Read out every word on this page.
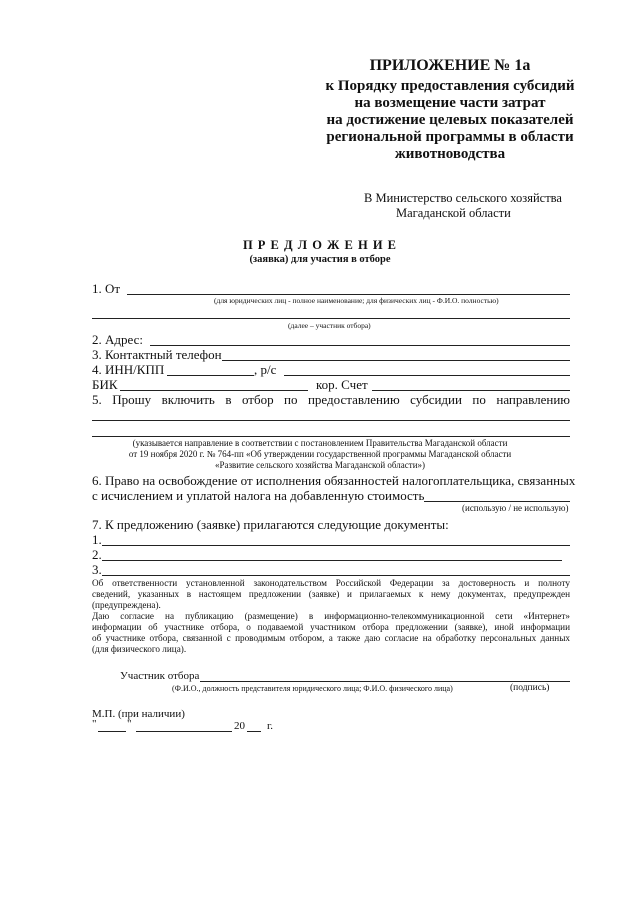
ПРИЛОЖЕНИЕ № 1а
к Порядку предоставления субсидий
на возмещение части затрат
на достижение целевых показателей
региональной программы в области
животноводства
В Министерство сельского хозяйства
Магаданской области
П Р Е Д Л О Ж Е Н И Е
(заявка) для участия в отборе
1. От
(для юридических лиц - полное наименование; для физических лиц - Ф.И.О. полностью)
(далее – участник отбора)
2. Адрес:
3. Контактный телефон
4. ИНН/КПП	, р/с
БИК	кор. Счет
5. Прошу включить в отбор по предоставлению субсидии по направлению
(указывается направление в соответствии с постановлением Правительства Магаданской области
от 19 ноября 2020 г. № 764-пп «Об утверждении государственной программы Магаданской области
«Развитие сельского хозяйства Магаданской области»)
6. Право на освобождение от исполнения обязанностей налогоплательщика, связанных
с исчислением и уплатой налога на добавленную стоимость
(использую / не использую)
7. К предложению (заявке) прилагаются следующие документы:
1.
2.
3.
Об ответственности установленной законодательством Российской Федерации за достоверность и полноту
сведений, указанных в настоящем предложении (заявке) и прилагаемых к нему документах, предупрежден
(предупреждена).
Даю согласие на публикацию (размещение) в информационно-телекоммуникационной сети «Интернет»
информации об участнике отбора, о подаваемой участником отбора предложении (заявке), иной информации
об участнике отбора, связанной с проводимым отбором, а также даю согласие на обработку персональных данных
(для физического лица).
Участник отбора
(Ф.И.О., должность представителя юридического лица; Ф.И.О. физического лица)	(подпись)
М.П. (при наличии)
"	"	20 г.
